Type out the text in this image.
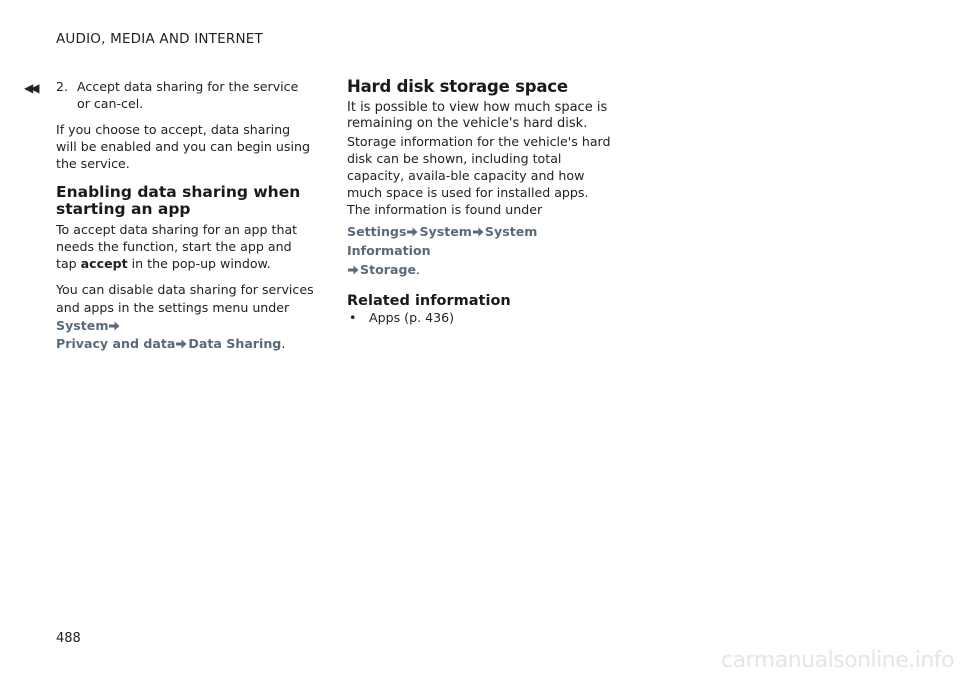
AUDIO, MEDIA AND INTERNET
◀◀ 2. Accept data sharing for the service or can-cel.

If you choose to accept, data sharing will be enabled and you can begin using the service.

Enabling data sharing when starting an app

To accept data sharing for an app that needs the function, start the app and tap accept in the pop-up window.

You can disable data sharing for services and apps in the settings menu under System

Privacy and data Data Sharing.

Hard disk storage space

It is possible to view how much space is remaining on the vehicle's hard disk.

Storage information for the vehicle's hard disk can be shown, including total capacity, availa-ble capacity and how much space is used for installed apps. The information is found under

Settings System System Information

Storage.

Related information
• Apps (p. 436)
488
carmanualsonline.info
